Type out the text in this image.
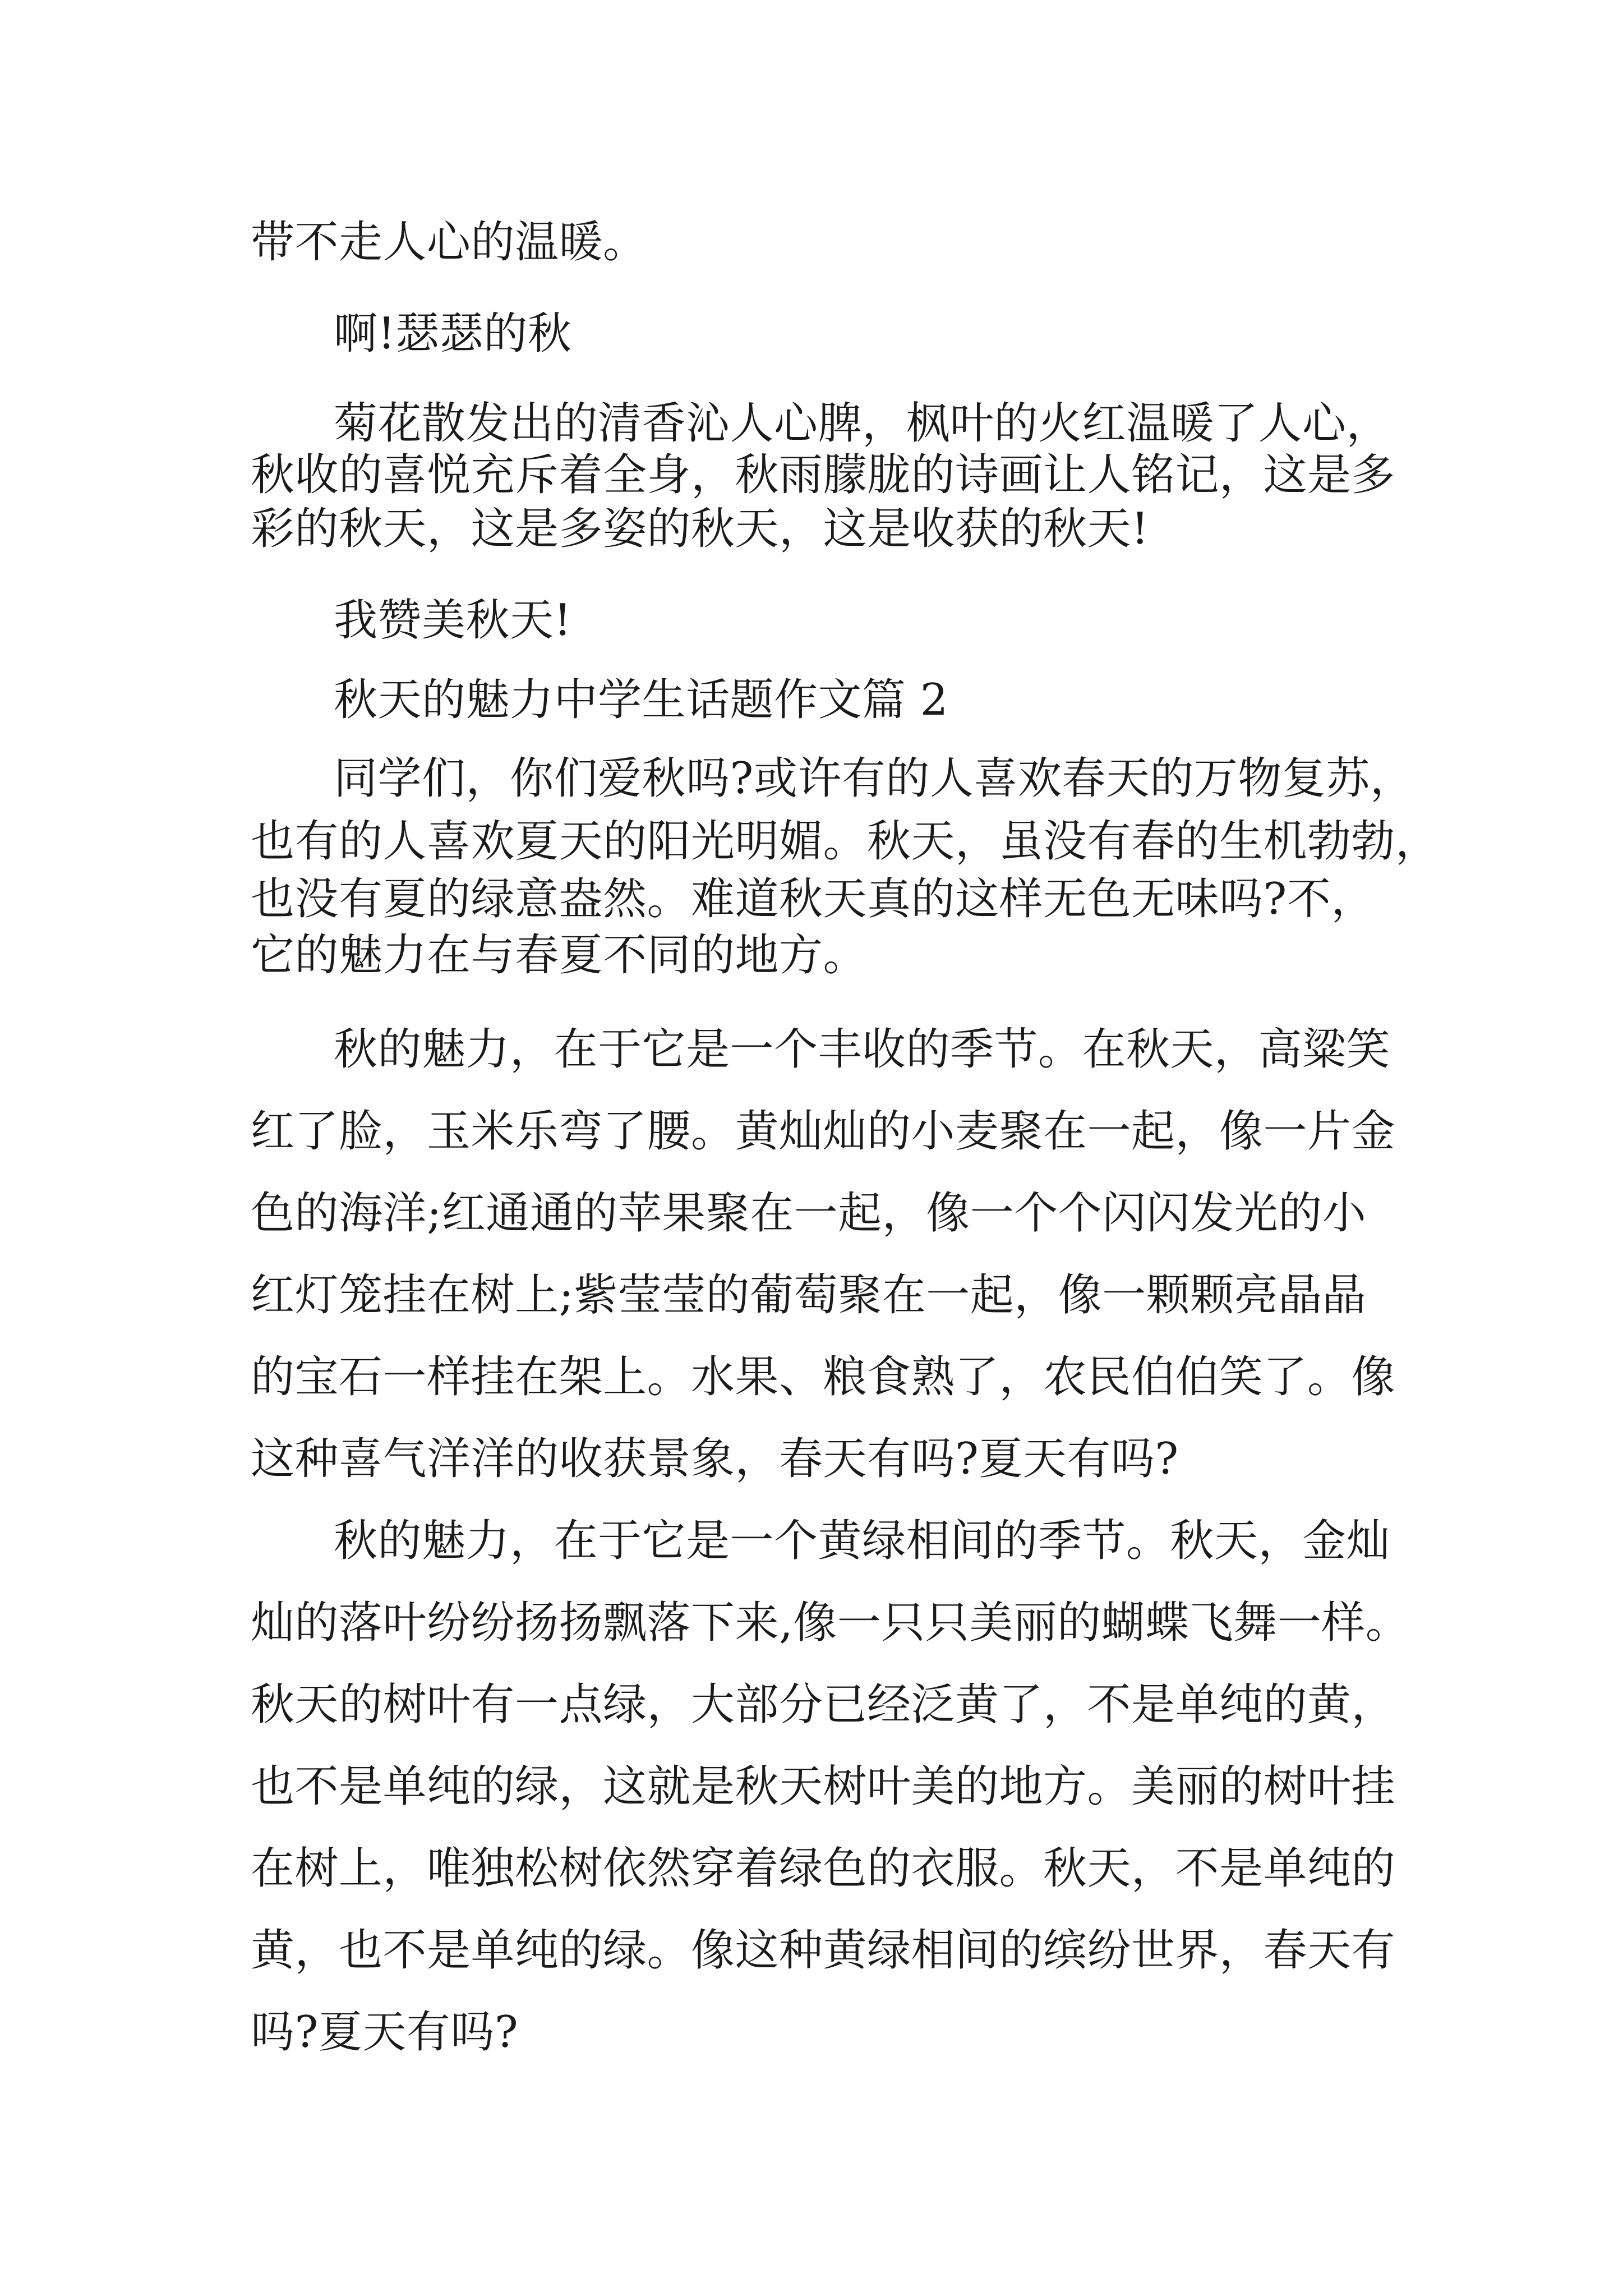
带不走人心的温暖。

啊!瑟瑟的秋

菊花散发出的清香沁人心脾，枫叶的火红温暖了人心，

秋收的喜悦充斥着全身，秋雨朦胧的诗画让人铭记，这是多

彩的秋天，这是多姿的秋天，这是收获的秋天!

我赞美秋天!

秋天的魅力中学生话题作文篇 2

同学们，你们爱秋吗?或许有的人喜欢春天的万物复苏，

也有的人喜欢夏天的阳光明媚。秋天，虽没有春的生机勃勃，

也没有夏的绿意盎然。难道秋天真的这样无色无味吗?不，

它的魅力在与春夏不同的地方。

秋的魅力，在于它是一个丰收的季节。在秋天，高粱笑

红了脸，玉米乐弯了腰。黄灿灿的小麦聚在一起，像一片金

色的海洋;红通通的苹果聚在一起，像一个个闪闪发光的小

红灯笼挂在树上;紫莹莹的葡萄聚在一起，像一颗颗亮晶晶

的宝石一样挂在架上。水果、粮食熟了，农民伯伯笑了。像

这种喜气洋洋的收获景象，春天有吗?夏天有吗?

秋的魅力，在于它是一个黄绿相间的季节。秋天，金灿

灿的落叶纷纷扬扬飘落下来,像一只只美丽的蝴蝶飞舞一样。

秋天的树叶有一点绿，大部分已经泛黄了，不是单纯的黄，

也不是单纯的绿，这就是秋天树叶美的地方。美丽的树叶挂

在树上，唯独松树依然穿着绿色的衣服。秋天，不是单纯的

黄，也不是单纯的绿。像这种黄绿相间的缤纷世界，春天有

吗?夏天有吗?
